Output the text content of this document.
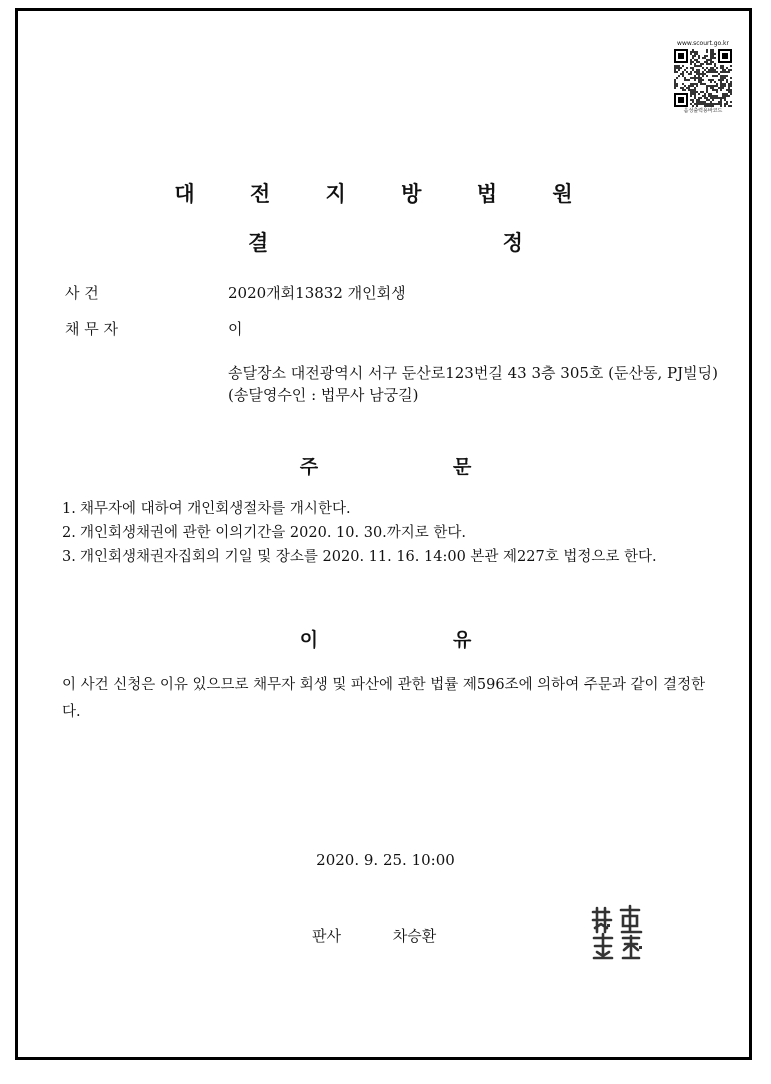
www.scourt.go.kr
음성출력용바코드
대 전 지 방 법 원
결	정
사 건	2020개회13832 개인회생
채 무 자	이
송달장소 대전광역시 서구 둔산로123번길 43 3층 305호 (둔산동, PJ빌딩)(송달영수인 : 법무사 남궁길)
주	문
1. 채무자에 대하여 개인회생절차를 개시한다.
2. 개인회생채권에 관한 이의기간을 2020. 10. 30.까지로 한다.
3. 개인회생채권자집회의 기일 및 장소를 2020. 11. 16. 14:00 본관 제227호 법정으로 한다.
이	유
이 사건 신청은 이유 있으므로 채무자 회생 및 파산에 관한 법률 제596조에 의하여 주문과 같이 결정한다.
2020. 9. 25. 10:00
판사	차승환
